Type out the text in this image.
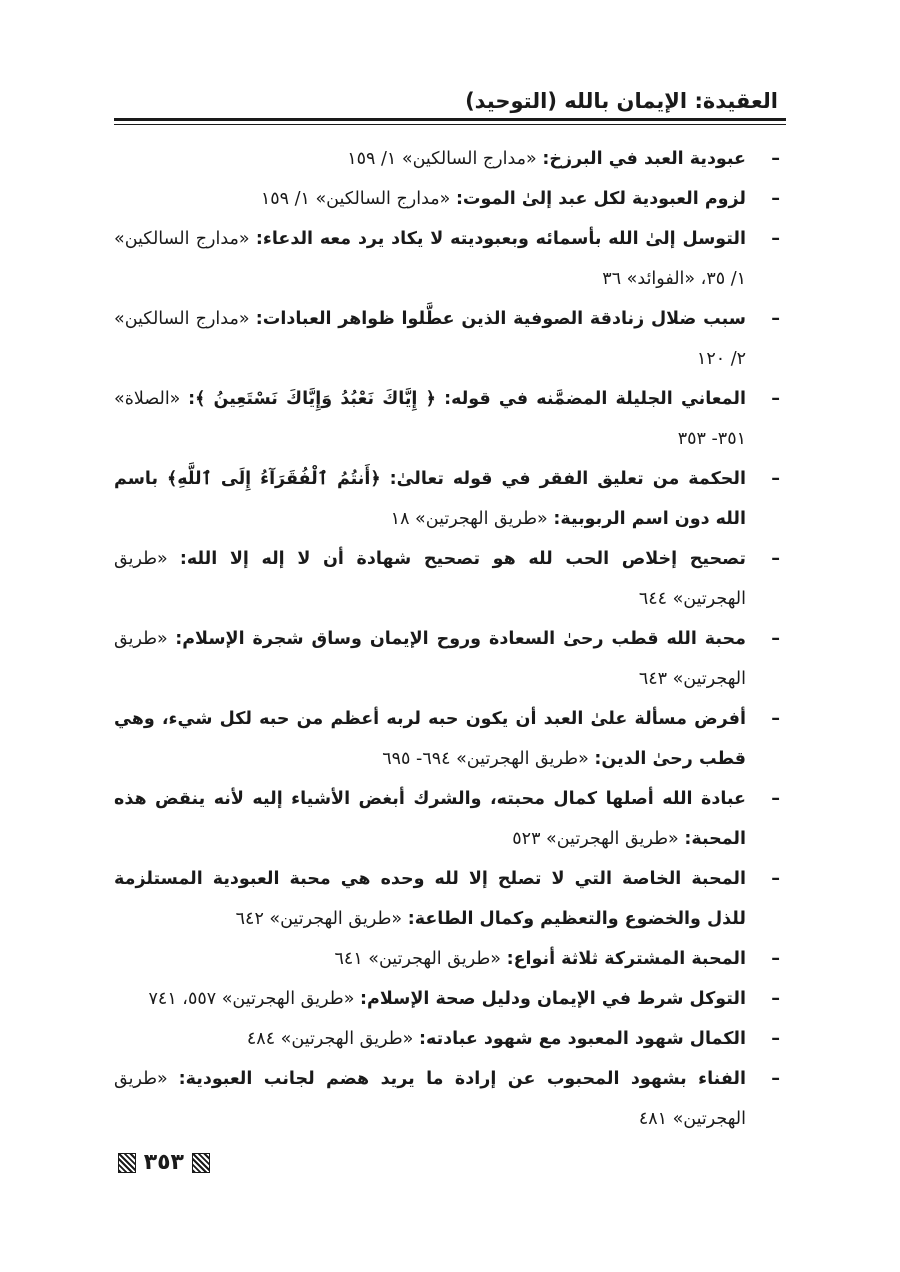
العقيدة: الإيمان بالله (التوحيد)
–
عبودية العبد في البرزخ: «مدارج السالكين» ١/ ١٥٩
–
لزوم العبودية لكل عبد إلىٰ الموت: «مدارج السالكين» ١/ ١٥٩
–
التوسل إلىٰ الله بأسمائه وبعبوديته لا يكاد يرد معه الدعاء: «مدارج السالكين» ١/ ٣٥، «الفوائد» ٣٦
–
سبب ضلال زنادقة الصوفية الذين عطَّلوا ظواهر العبادات: «مدارج السالكين» ٢/ ١٢٠
–
المعاني الجليلة المضمَّنه في قوله: ﴿ إِيَّاكَ نَعْبُدُ وَإِيَّاكَ نَسْتَعِينُ ﴾: «الصلاة» ٣٥١- ٣٥٣
–
الحكمة من تعليق الفقر في قوله تعالىٰ: ﴿أَنتُمُ ٱلْفُقَرَآءُ إِلَى ٱللَّهِ﴾ باسم الله دون اسم الربوبية: «طريق الهجرتين» ١٨
–
تصحيح إخلاص الحب لله هو تصحيح شهادة أن لا إله إلا الله: «طريق الهجرتين» ٦٤٤
–
محبة الله قطب رحىٰ السعادة وروح الإيمان وساق شجرة الإسلام: «طريق الهجرتين» ٦٤٣
–
أفرض مسألة علىٰ العبد أن يكون حبه لربه أعظم من حبه لكل شيء، وهي قطب رحىٰ الدين: «طريق الهجرتين» ٦٩٤- ٦٩٥
–
عبادة الله أصلها كمال محبته، والشرك أبغض الأشياء إليه لأنه ينقض هذه المحبة: «طريق الهجرتين» ٥٢٣
–
المحبة الخاصة التي لا تصلح إلا لله وحده هي محبة العبودية المستلزمة للذل والخضوع والتعظيم وكمال الطاعة: «طريق الهجرتين» ٦٤٢
–
المحبة المشتركة ثلاثة أنواع: «طريق الهجرتين» ٦٤١
–
التوكل شرط في الإيمان ودليل صحة الإسلام: «طريق الهجرتين» ٥٥٧، ٧٤١
–
الكمال شهود المعبود مع شهود عبادته: «طريق الهجرتين» ٤٨٤
–
الفناء بشهود المحبوب عن إرادة ما يريد هضم لجانب العبودية: «طريق الهجرتين» ٤٨١
٣٥٣
